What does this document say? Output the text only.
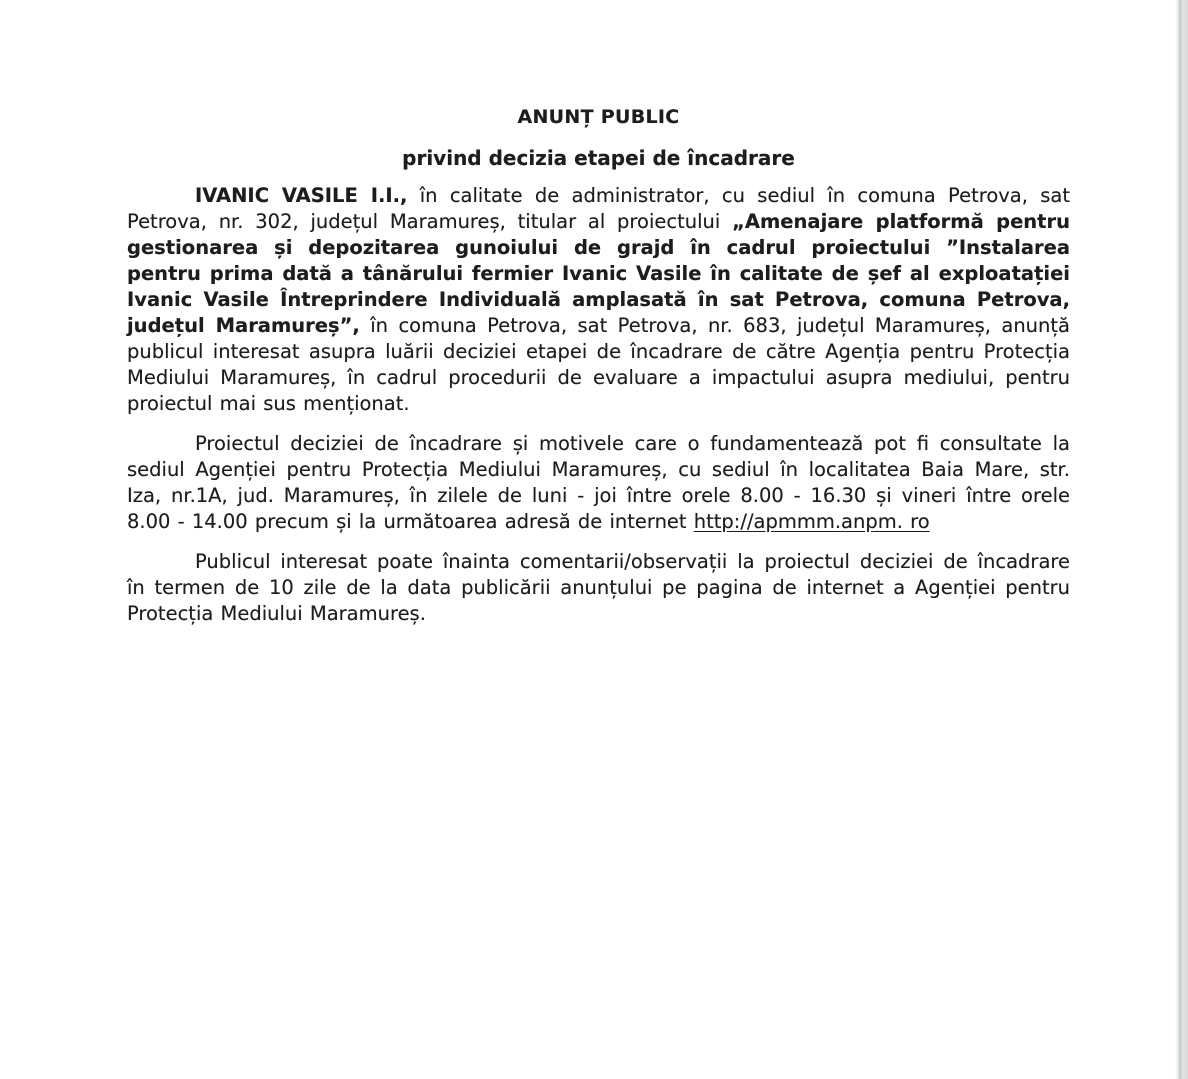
ANUNȚ PUBLIC
privind decizia etapei de încadrare

IVANIC VASILE I.I., în calitate de administrator, cu sediul în comuna Petrova, sat Petrova, nr. 302, județul Maramureș, titular al proiectului „Amenajare platformă pentru gestionarea și depozitarea gunoiului de grajd în cadrul proiectului ”Instalarea pentru prima dată a tânărului fermier Ivanic Vasile în calitate de șef al exploatației Ivanic Vasile Întreprindere Individuală amplasată în sat Petrova, comuna Petrova, județul Maramureș”, în comuna Petrova, sat Petrova, nr. 683, județul Maramureș, anunță publicul interesat asupra luării deciziei etapei de încadrare de către Agenția pentru Protecția Mediului Maramureș, în cadrul procedurii de evaluare a impactului asupra mediului, pentru proiectul mai sus menționat.

Proiectul deciziei de încadrare și motivele care o fundamentează pot fi consultate la sediul Agenției pentru Protecția Mediului Maramureș, cu sediul în localitatea Baia Mare, str. Iza, nr.1A, jud. Maramureș, în zilele de luni - joi între orele 8.00 - 16.30 și vineri între orele 8.00 - 14.00 precum și la următoarea adresă de internet http://apmmm.anpm. ro

Publicul interesat poate înainta comentarii/observații la proiectul deciziei de încadrare în termen de 10 zile de la data publicării anunțului pe pagina de internet a Agenției pentru Protecția Mediului Maramureș.
